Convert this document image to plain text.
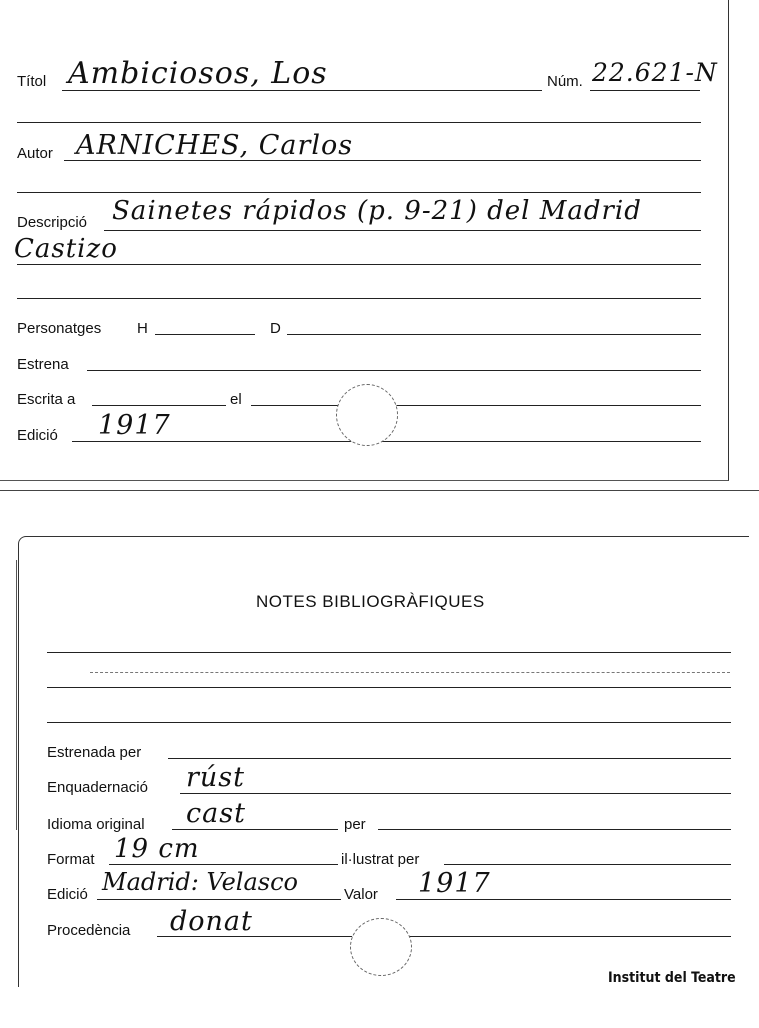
Títol Ambiciosos, Los	Núm. 22.621-N
Autor ARNICHES, Carlos
Descripció Sainetes rápidos (p. 9-21) del Madrid
Castizo
Personatges H	D
Estrena
Escrita a	el
Edició 1917
NOTES BIBLIOGRÀFIQUES
Estrenada per
Enquadernació rúst
Idioma original cast	per
Format 19 cm	il·lustrat per
Edició Madrid: Velasco	Valor 1917
Procedència donat
Institut del Teatre
